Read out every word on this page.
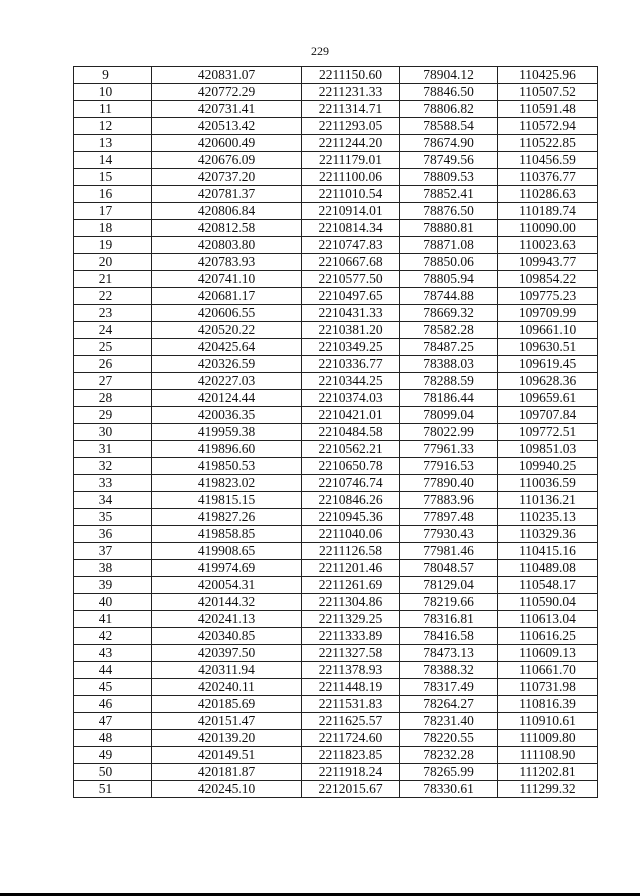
229
9	420831.07	2211150.60	78904.12	110425.96
10	420772.29	2211231.33	78846.50	110507.52
11	420731.41	2211314.71	78806.82	110591.48
12	420513.42	2211293.05	78588.54	110572.94
13	420600.49	2211244.20	78674.90	110522.85
14	420676.09	2211179.01	78749.56	110456.59
15	420737.20	2211100.06	78809.53	110376.77
16	420781.37	2211010.54	78852.41	110286.63
17	420806.84	2210914.01	78876.50	110189.74
18	420812.58	2210814.34	78880.81	110090.00
19	420803.80	2210747.83	78871.08	110023.63
20	420783.93	2210667.68	78850.06	109943.77
21	420741.10	2210577.50	78805.94	109854.22
22	420681.17	2210497.65	78744.88	109775.23
23	420606.55	2210431.33	78669.32	109709.99
24	420520.22	2210381.20	78582.28	109661.10
25	420425.64	2210349.25	78487.25	109630.51
26	420326.59	2210336.77	78388.03	109619.45
27	420227.03	2210344.25	78288.59	109628.36
28	420124.44	2210374.03	78186.44	109659.61
29	420036.35	2210421.01	78099.04	109707.84
30	419959.38	2210484.58	78022.99	109772.51
31	419896.60	2210562.21	77961.33	109851.03
32	419850.53	2210650.78	77916.53	109940.25
33	419823.02	2210746.74	77890.40	110036.59
34	419815.15	2210846.26	77883.96	110136.21
35	419827.26	2210945.36	77897.48	110235.13
36	419858.85	2211040.06	77930.43	110329.36
37	419908.65	2211126.58	77981.46	110415.16
38	419974.69	2211201.46	78048.57	110489.08
39	420054.31	2211261.69	78129.04	110548.17
40	420144.32	2211304.86	78219.66	110590.04
41	420241.13	2211329.25	78316.81	110613.04
42	420340.85	2211333.89	78416.58	110616.25
43	420397.50	2211327.58	78473.13	110609.13
44	420311.94	2211378.93	78388.32	110661.70
45	420240.11	2211448.19	78317.49	110731.98
46	420185.69	2211531.83	78264.27	110816.39
47	420151.47	2211625.57	78231.40	110910.61
48	420139.20	2211724.60	78220.55	111009.80
49	420149.51	2211823.85	78232.28	111108.90
50	420181.87	2211918.24	78265.99	111202.81
51	420245.10	2212015.67	78330.61	111299.32
